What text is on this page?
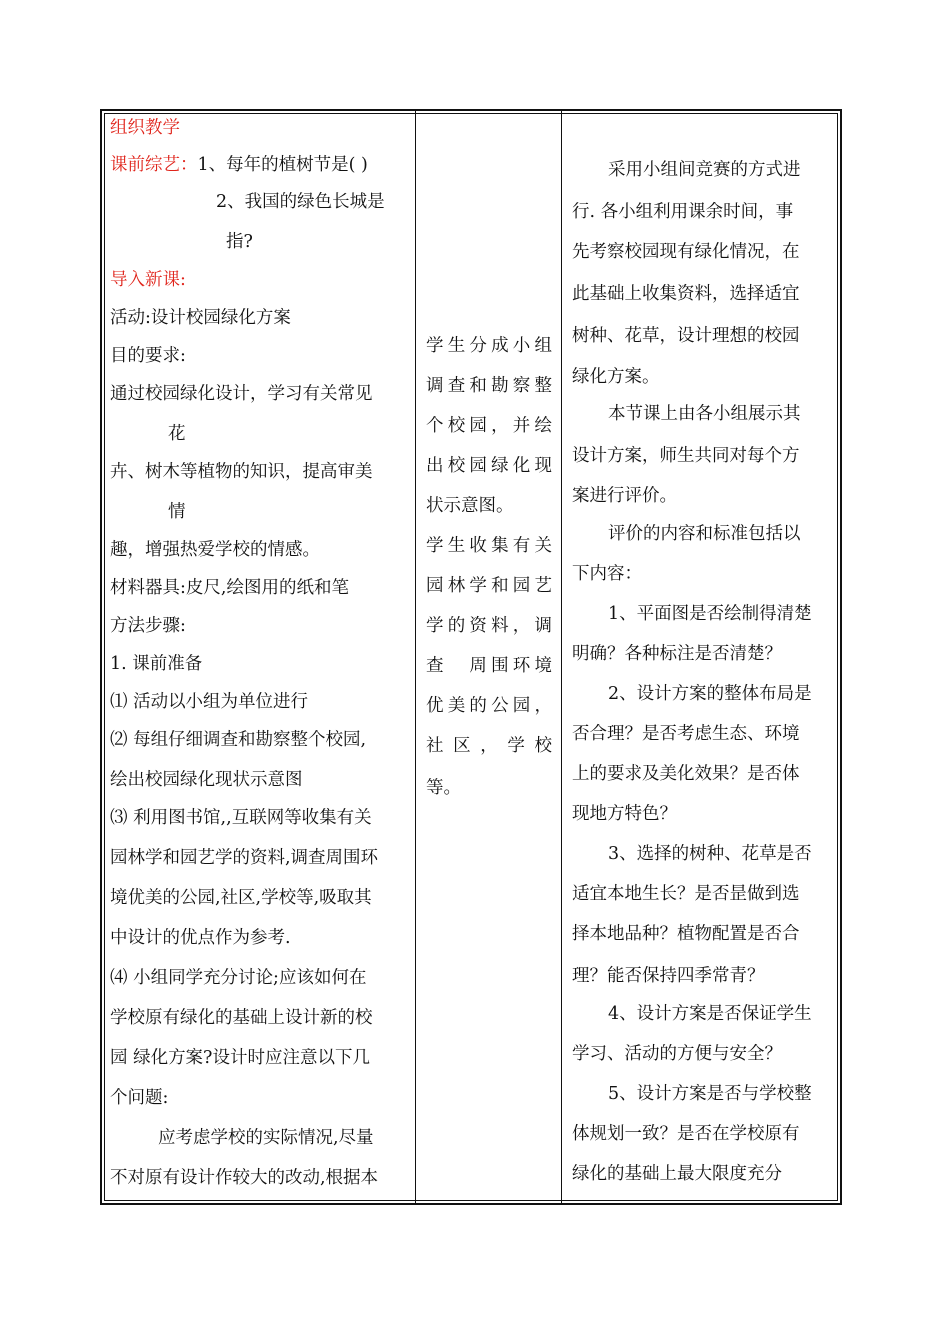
组织教学
课前综艺：1、每年的植树节是( )
2、我国的绿色长城是
指?
导入新课:
活动:设计校园绿化方案
目的要求:
通过校园绿化设计，学习有关常见
花
卉、树木等植物的知识，提高审美
情
趣，增强热爱学校的情感。
材料器具:皮尺,绘图用的纸和笔
方法步骤:
1. 课前准备
⑴ 活动以小组为单位进行
⑵ 每组仔细调查和勘察整个校园,
绘出校园绿化现状示意图
⑶ 利用图书馆,,互联网等收集有关
园林学和园艺学的资料,调查周围环
境优美的公园,社区,学校等,吸取其
中设计的优点作为参考.
⑷ 小组同学充分讨论;应该如何在
学校原有绿化的基础上设计新的校
园 绿化方案?设计时应注意以下几
个问题:
应考虑学校的实际情况,尽量
不对原有设计作较大的改动,根据本
学生分成小组
调查和勘察整
个校园，并绘
出校园绿化现
状示意图。
学生收集有关
园林学和园艺
学的资料，调
查　周围环境
优美的公园，
社区，学校
等。
采用小组间竞赛的方式进
行. 各小组利用课余时间，事
先考察校园现有绿化情况，在
此基础上收集资料，选择适宜
树种、花草，设计理想的校园
绿化方案。
本节课上由各小组展示其
设计方案，师生共同对每个方
案进行评价。
评价的内容和标准包括以
下内容：
1、平面图是否绘制得清楚
明确？各种标注是否清楚？
2、设计方案的整体布局是
否合理？是否考虑生态、环境
上的要求及美化效果？是否体
现地方特色？
3、选择的树种、花草是否
适宜本地生长？是否昰做到选
择本地品种？植物配置是否合
理？能否保持四季常青？
4、设计方案是否保证学生
学习、活动的方便与安全？
5、设计方案是否与学校整
体规划一致？是否在学校原有
绿化的基础上最大限度充分
